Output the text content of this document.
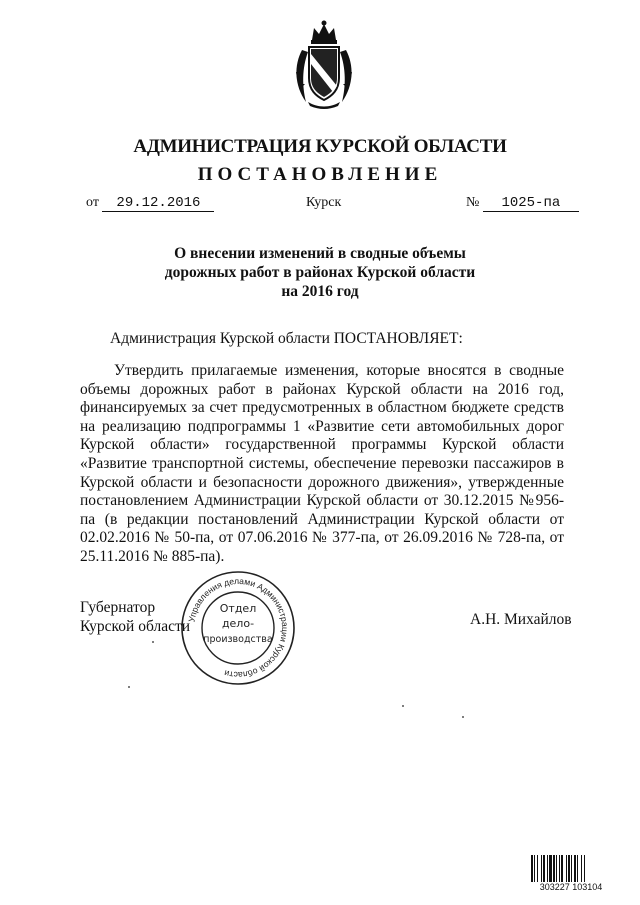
АДМИНИСТРАЦИЯ КУРСКОЙ ОБЛАСТИ
ПОСТАНОВЛЕНИЕ
от 29.12.2016	Курск	№ 1025-па
О внесении изменений в сводные объемы
дорожных работ в районах Курской области
на 2016 год
Администрация Курской области ПОСТАНОВЛЯЕТ:

Утвердить прилагаемые изменения, которые вносятся в сводные объемы дорожных работ в районах Курской области на 2016 год, финансируемых за счет предусмотренных в областном бюджете средств на реализацию подпрограммы 1 «Развитие сети автомобильных дорог Курской области» государственной программы Курской области «Развитие транспортной системы, обеспечение перевозки пассажиров в Курской области и безопасности дорожного движения», утвержденные постановлением Администрации Курской области от 30.12.2015 №956-па (в редакции постановлений Администрации Курской области от 02.02.2016 № 50-па, от 07.06.2016 № 377-па, от 26.09.2016 № 728-па, от 25.11.2016 № 885-па).

Губернатор
Курской области	А.Н. Михайлов
Управления делами Администрации Курской области
Отдел
дело-
производства
303227 103104
